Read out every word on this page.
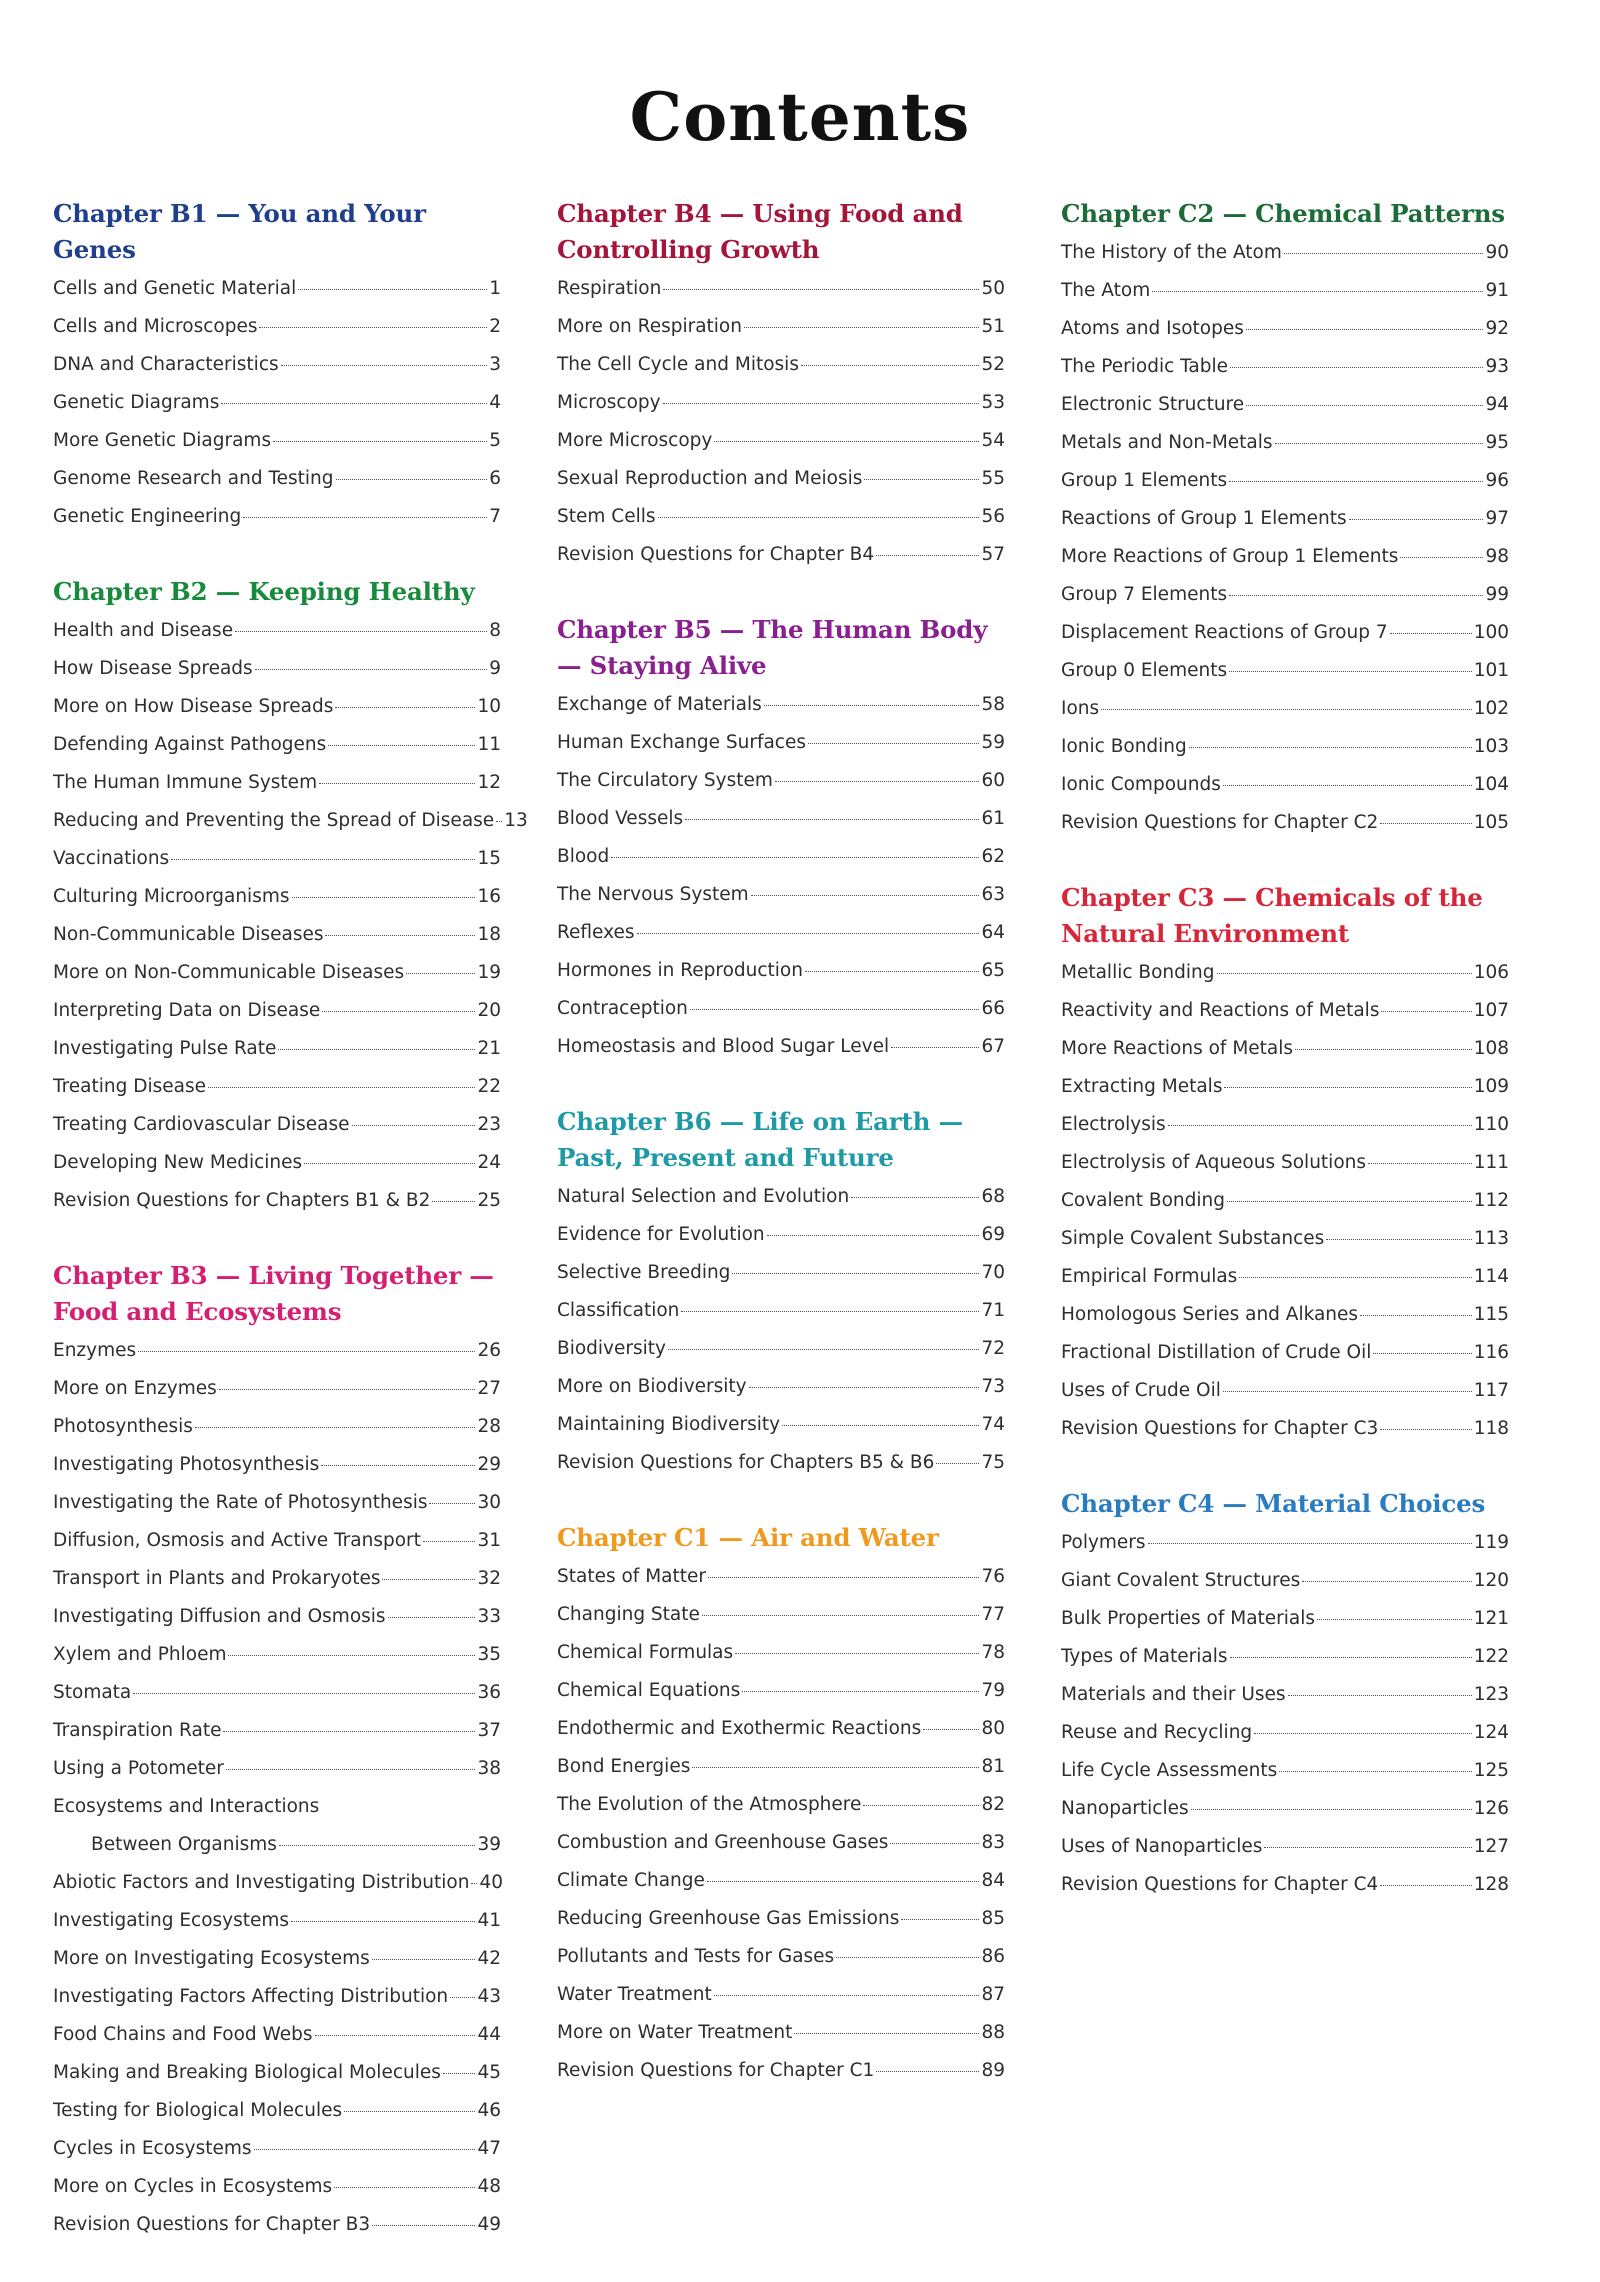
Contents
Chapter B1 — You and Your Genes
Cells and Genetic Material	1
Cells and Microscopes	2
DNA and Characteristics	3
Genetic Diagrams	4
More Genetic Diagrams	5
Genome Research and Testing	6
Genetic Engineering	7
Chapter B2 — Keeping Healthy
Health and Disease	8
How Disease Spreads	9
More on How Disease Spreads	10
Defending Against Pathogens	11
The Human Immune System	12
Reducing and Preventing the Spread of Disease 13
Vaccinations	15
Culturing Microorganisms	16
Non-Communicable Diseases	18
More on Non-Communicable Diseases	19
Interpreting Data on Disease	20
Investigating Pulse Rate	21
Treating Disease	22
Treating Cardiovascular Disease	23
Developing New Medicines	24
Revision Questions for Chapters B1 & B2	25
Chapter B3 — Living Together —
Food and Ecosystems
Enzymes	26
More on Enzymes	27
Photosynthesis	28
Investigating Photosynthesis	29
Investigating the Rate of Photosynthesis	30
Diffusion, Osmosis and Active Transport	31
Transport in Plants and Prokaryotes	32
Investigating Diffusion and Osmosis	33
Xylem and Phloem	35
Stomata	36
Transpiration Rate	37
Using a Potometer	38
Ecosystems and Interactions
Between Organisms	39
Abiotic Factors and Investigating Distribution 40
Investigating Ecosystems	41
More on Investigating Ecosystems	42
Investigating Factors Affecting Distribution 43
Food Chains and Food Webs	44
Making and Breaking Biological Molecules 45
Testing for Biological Molecules	46
Cycles in Ecosystems	47
More on Cycles in Ecosystems	48
Revision Questions for Chapter B3	49
Chapter B4 — Using Food and
Controlling Growth
Respiration	50
More on Respiration	51
The Cell Cycle and Mitosis	52
Microscopy	53
More Microscopy	54
Sexual Reproduction and Meiosis	55
Stem Cells	56
Revision Questions for Chapter B4	57
Chapter B5 — The Human Body
— Staying Alive
Exchange of Materials	58
Human Exchange Surfaces	59
The Circulatory System	60
Blood Vessels	61
Blood	62
The Nervous System	63
Reflexes	64
Hormones in Reproduction	65
Contraception	66
Homeostasis and Blood Sugar Level	67
Chapter B6 — Life on Earth —
Past, Present and Future
Natural Selection and Evolution	68
Evidence for Evolution	69
Selective Breeding	70
Classification	71
Biodiversity	72
More on Biodiversity	73
Maintaining Biodiversity	74
Revision Questions for Chapters B5 & B6	75
Chapter C1 — Air and Water
States of Matter	76
Changing State	77
Chemical Formulas	78
Chemical Equations	79
Endothermic and Exothermic Reactions	80
Bond Energies	81
The Evolution of the Atmosphere	82
Combustion and Greenhouse Gases	83
Climate Change	84
Reducing Greenhouse Gas Emissions	85
Pollutants and Tests for Gases	86
Water Treatment	87
More on Water Treatment	88
Revision Questions for Chapter C1	89
Chapter C2 — Chemical Patterns
The History of the Atom	90
The Atom	91
Atoms and Isotopes	92
The Periodic Table	93
Electronic Structure	94
Metals and Non-Metals	95
Group 1 Elements	96
Reactions of Group 1 Elements	97
More Reactions of Group 1 Elements	98
Group 7 Elements	99
Displacement Reactions of Group 7	100
Group 0 Elements	101
Ions	102
Ionic Bonding	103
Ionic Compounds	104
Revision Questions for Chapter C2	105
Chapter C3 — Chemicals of the
Natural Environment
Metallic Bonding	106
Reactivity and Reactions of Metals	107
More Reactions of Metals	108
Extracting Metals	109
Electrolysis	110
Electrolysis of Aqueous Solutions	111
Covalent Bonding	112
Simple Covalent Substances	113
Empirical Formulas	114
Homologous Series and Alkanes	115
Fractional Distillation of Crude Oil	116
Uses of Crude Oil	117
Revision Questions for Chapter C3	118
Chapter C4 — Material Choices
Polymers	119
Giant Covalent Structures	120
Bulk Properties of Materials	121
Types of Materials	122
Materials and their Uses	123
Reuse and Recycling	124
Life Cycle Assessments	125
Nanoparticles	126
Uses of Nanoparticles	127
Revision Questions for Chapter C4	128
